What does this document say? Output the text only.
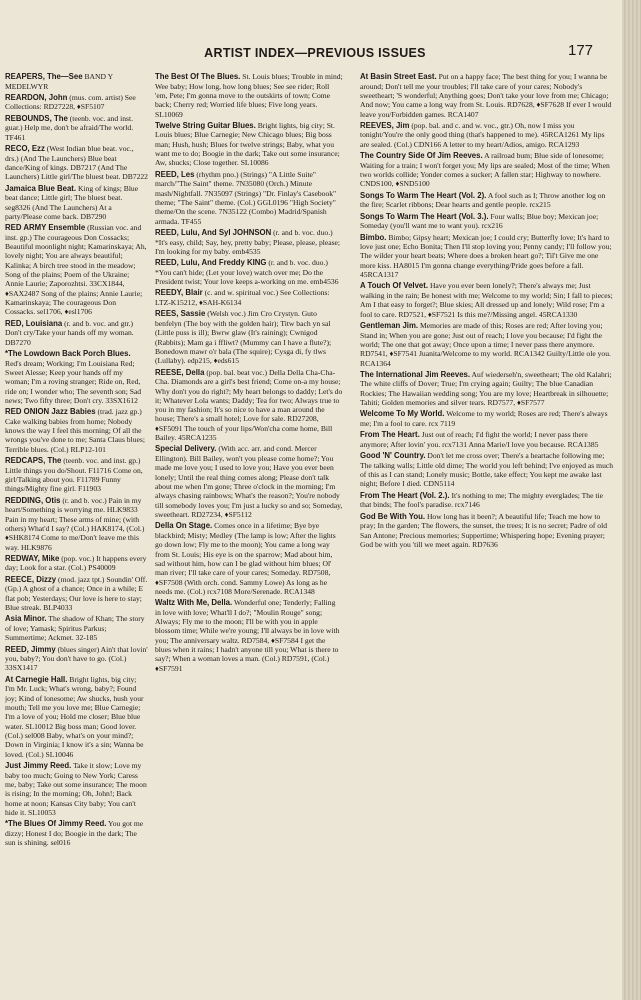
ARTIST INDEX—PREVIOUS ISSUES	177
REAPERS, The—See BAND Y MEDELWYR
REARDON, John (mus. com. artist) See Collections: RD27228, ♦SF5107
REBOUNDS, The (teenb. voc. and inst. guar.) Help me, don't be afraid/The world. TF461
RECO, Ezz (West Indian blue beat. voc., drs.) (And The Launchers) Blue beat dance/King of kings. DB7217 (And The Launchers) Little girl/The bluest beat. DB7222
Jamaica Blue Beat. King of kings; Blue beat dance; Little girl; The bluest beat. seg8326 (And The Launchers) At a party/Please come back. DB7290
RED ARMY Ensemble (Russian voc. and inst. gp.) The courageous Don Cossacks; Beautiful moonlight night; Kamarinskaya; Ah, lovely night; You are always beautiful; Kalinka; A birch tree stood in the meadow; Song of the plains; Poem of the Ukraine; Annie Laurie; Zaporozhtsi. 33CX1844, ♦SAX2487 Song of the plains; Annie Laurie; Kamarinskaya; The courageous Don Cossacks. sel1706, ♦esl1706
RED, Louisiana (r. and b. voc. and gtr.) Don't cry/Take your hands off my woman. DB7270
*The Lowdown Back Porch Blues. Red's dream; Working; I'm Louisiana Red; Sweet Alesse; Keep your hands off my woman; I'm a roving stranger; Ride on, Red, ride on; I wonder who; The seventh son; Sad news; Two fifty three; Don't cry. 33SX1612
RED ONION Jazz Babies (trad. jazz gp.) Cake walking babies from home; Nobody knows the way I feel this morning; Of all the wrongs you've done to me; Santa Claus blues; Terrible blues. (Col.) RLP12-101
REDCAPS, The (teenb. voc. and inst. gp.) Little things you do/Shout. F11716 Come on, girl/Talking about you. F11789 Funny things/Mighty fine girl. F11903
REDDING, Otis (r. and b. voc.) Pain in my heart/Something is worrying me. HLK9833 Pain in my heart; These arms of mine; (with others) What'd I say? (Col.) HAK8174, (Col.) ♦SHK8174 Come to me/Don't leave me this way. HLK9876
REDWAY, Mike (pop. voc.) It happens every day; Look for a star. (Col.) PS40009
REECE, Dizzy (mod. jazz tpt.) Soundin' Off. (Gp.) A ghost of a chance; Once in a while; E flat pob; Yesterdays; Our love is here to stay; Blue streak. BLP4033
Asia Minor. The shadow of Khan; The story of love; Yamask; Spiritus Parkus; Summertime; Ackmet. 32-185
REED, Jimmy (blues singer) Ain't that lovin' you, baby?; You don't have to go. (Col.) 33SX1417
At Carnegie Hall. Bright lights, big city; I'm Mr. Luck; What's wrong, baby?; Found joy; Kind of lonesome; Aw shucks, hush your mouth; Tell me you love me; Blue Carnegie; I'm a love of you; Hold me closer; Blue blue water. SL10012 Big boss man; Good lover. (Col.) sel008 Baby, what's on your mind?; Down in Virginia; I know it's a sin; Wanna be loved. (Col.) SL10046
Just Jimmy Reed. Take it slow; Love my baby too much; Going to New York; Caress me, baby; Take out some insurance; The moon is rising; In the morning; Oh, John!; Back home at noon; Kansas City baby; You can't hide it. SL10053
*The Blues Of Jimmy Reed. You got me dizzy; Honest I do; Boogie in the dark; The sun is shining. sel016
The Best Of The Blues. St. Louis blues; Trouble in mind; Wee baby; How long, how long blues; See see rider; Roll 'em, Pete; I'm gonna move to the outskirts of town; Come back; Cherry red; Worried life blues; Five long years. SL10069
Twelve String Guitar Blues. Bright lights, big city; St. Louis blues; Blue Carnegie; New Chicago blues; Big boss man; Hush, hush; Blues for twelve strings; Baby, what you want me to do; Boogie in the dark; Take out some insurance; Aw, shucks; Close together. SL10086
REED, Les (rhythm pno.) (Strings) "A Little Suite" march/"The Saint" theme. 7N35080 (Orch.) Minute mash/Nightfall. 7N35097 (Strings) "Dr. Finlay's Casebook" theme; "The Saint" theme. (Col.) GGL0196 "High Society" theme/On the scene. 7N35122 (Combo) Madrid/Spanish armada. TF455
REED, Lulu, And Syl JOHNSON (r. and b. voc. duo.) *It's easy, child; Say, hey, pretty baby; Please, please, please; I'm looking for my baby. emb4535
REED, Lulu, And Freddy KING (r. and b. voc. duo.) *You can't hide; (Let your love) watch over me; Do the President twist; Your love keeps a-working on me. emb4536
REEDY, Blair (c. and w. spiritual voc.) See Collections: LTZ-K15212, ♦SAH-K6134
REES, Sassie (Welsh voc.) Jim Cro Crystyn. Guto benfelyn (The boy with the golden hair); Titw bach yn sal (Little puss is ill); Bwrw glaw (It's raining); Cwnigod (Rabbits); Mam ga i ffliwt? (Mummy can I have a flute?); Bonedown mawr o'r bala (The squire); Cysga di, fy tlws (Lullaby). edp215, ♦eds615
REESE, Della (pop. bal. beat voc.) Della Della Cha-Cha-Cha. Diamonds are a girl's best friend; Come on-a my house; Why don't you do right?; My heart belongs to daddy; Let's do it; Whatever Lola wants; Daddy; Tea for two; Always true to you in my fashion; It's so nice to have a man around the house; There's a small hotel; Love for sale. RD27208, ♦SF5091 The touch of your lips/Won'cha come home, Bill Bailey. 45RCA1235
Special Delivery. (With acc. arr. and cond. Mercer Ellington). Bill Bailey, won't you please come home?; You made me love you; I used to love you; Have you ever been lonely; Until the real thing comes along; Please don't talk about me when I'm gone; Three o'clock in the morning; I'm always chasing rainbows; What's the reason?; You're nobody till somebody loves you; I'm just a lucky so and so; Someday, sweetheart. RD27234, ♦SF5112
Della On Stage. Comes once in a lifetime; Bye bye blackbird; Misty; Medley (The lamp is low; After the lights go down low; Fly me to the moon); You came a long way from St. Louis; His eye is on the sparrow; Mad about him, sad without him, how can I be glad without him blues; Ol' man river; I'll take care of your cares; Someday. RD7508, ♦SF7508 (With orch. cond. Sammy Lowe) As long as he needs me. (Col.) rcx7108 More/Serenade. RCA1348
Waltz With Me, Della. Wonderful one; Tenderly; Falling in love with love; What'll I do?; "Moulin Rouge" song; Always; Fly me to the moon; I'll be with you in apple blossom time; While we're young; I'll always be in love with you; The anniversary waltz. RD7584, ♦SF7584 I get the blues when it rains; I hadn't anyone till you; What is there to say?; When a woman loves a man. (Col.) RD7591, (Col.) ♦SF7591
At Basin Street East. Put on a happy face; The best thing for you; I wanna be around; Don't tell me your troubles; I'll take care of your cares; Nobody's sweetheart; 'S wonderful; Anything goes; Don't take your love from me; Chicago; And now; You came a long way from St. Louis. RD7628, ♦SF7628 If ever I would leave you/Forbidden games. RCA1407
REEVES, Jim (pop. bal. and c. and w. voc., gtr.) Oh, now I miss you tonight/You're the only good thing (that's happened to me). 45RCA1261 My lips are sealed. (Col.) CDN166 A letter to my heart/Adios, amigo. RCA1293
The Country Side Of Jim Reeves. A railroad bum; Blue side of lonesome; Waiting for a train; I won't forget you; My lips are sealed; Most of the time; When two worlds collide; Yonder comes a sucker; A fallen star; Highway to nowhere. CNDS100, ♦SND5100
Songs To Warm The Heart (Vol. 2). A fool such as I; Throw another log on the fire; Scarlet ribbons; Dear hearts and gentle people. rcx215
Songs To Warm The Heart (Vol. 3.). Four walls; Blue boy; Mexican joe; Someday (you'll want me to want you). rcx216
Bimbo. Bimbo; Gipsy heart; Mexican joe; I could cry; Butterfly love; It's hard to love just one; Echo Bonita; Then I'll stop loving you; Penny candy; I'll follow you; The wilder your heart beats; Where does a broken heart go?; Til't Give me one more kiss. HA8015 I'm gonna change everything/Pride goes before a fall. 45RCA1317
A Touch Of Velvet. Have you ever been lonely?; There's always me; Just walking in the rain; Be honest with me; Welcome to my world; Sin; I fall to pieces; Am I that easy to forget?; Blue skies; All dressed up and lonely; Wild rose; I'm a fool to care. RD7521, ♦SF7521 Is this me?/Missing angel. 45RCA1330
Gentleman Jim. Memories are made of this; Roses are red; After loving you; Stand in; When you are gone; Just out of reach; I love you because; I'd fight the world; The one that got away; Once upon a time; I never pass there anymore. RD7541, ♦SF7541 Juanita/Welcome to my world. RCA1342 Guilty/Little ole you. RCA1364
The International Jim Reeves. Auf wiederseh'n, sweetheart; The old Kalahri; The white cliffs of Dover; True; I'm crying again; Guilty; The blue Canadian Rockies; The Hawaiian wedding song; You are my love; Heartbreak in silhouette; Tahiti; Golden memories and silver tears. RD7577, ♦SF7577
Welcome To My World. Welcome to my world; Roses are red; There's always me; I'm a fool to care. rcx 7119
From The Heart. Just out of reach; I'd fight the world; I never pass there anymore; After lovin' you. rcx7131 Anna Marie/I love you because. RCA1385
Good 'N' Country. Don't let me cross over; There's a heartache following me; The talking walls; Little old dime; The world you left behind; I've enjoyed as much of this as I can stand; Lonely music; Bottle, take effect; You kept me awake last night; Before I died. CDN5114
From The Heart (Vol. 2.). It's nothing to me; The mighty everglades; The tie that binds; The fool's paradise. rcx7146
God Be With You. How long has it been?; A beautiful life; Teach me how to pray; In the garden; The flowers, the sunset, the trees; It is no secret; Padre of old San Antone; Precious memories; Suppertime; Whispering hope; Evening prayer; God be with you 'till we meet again. RD7636
